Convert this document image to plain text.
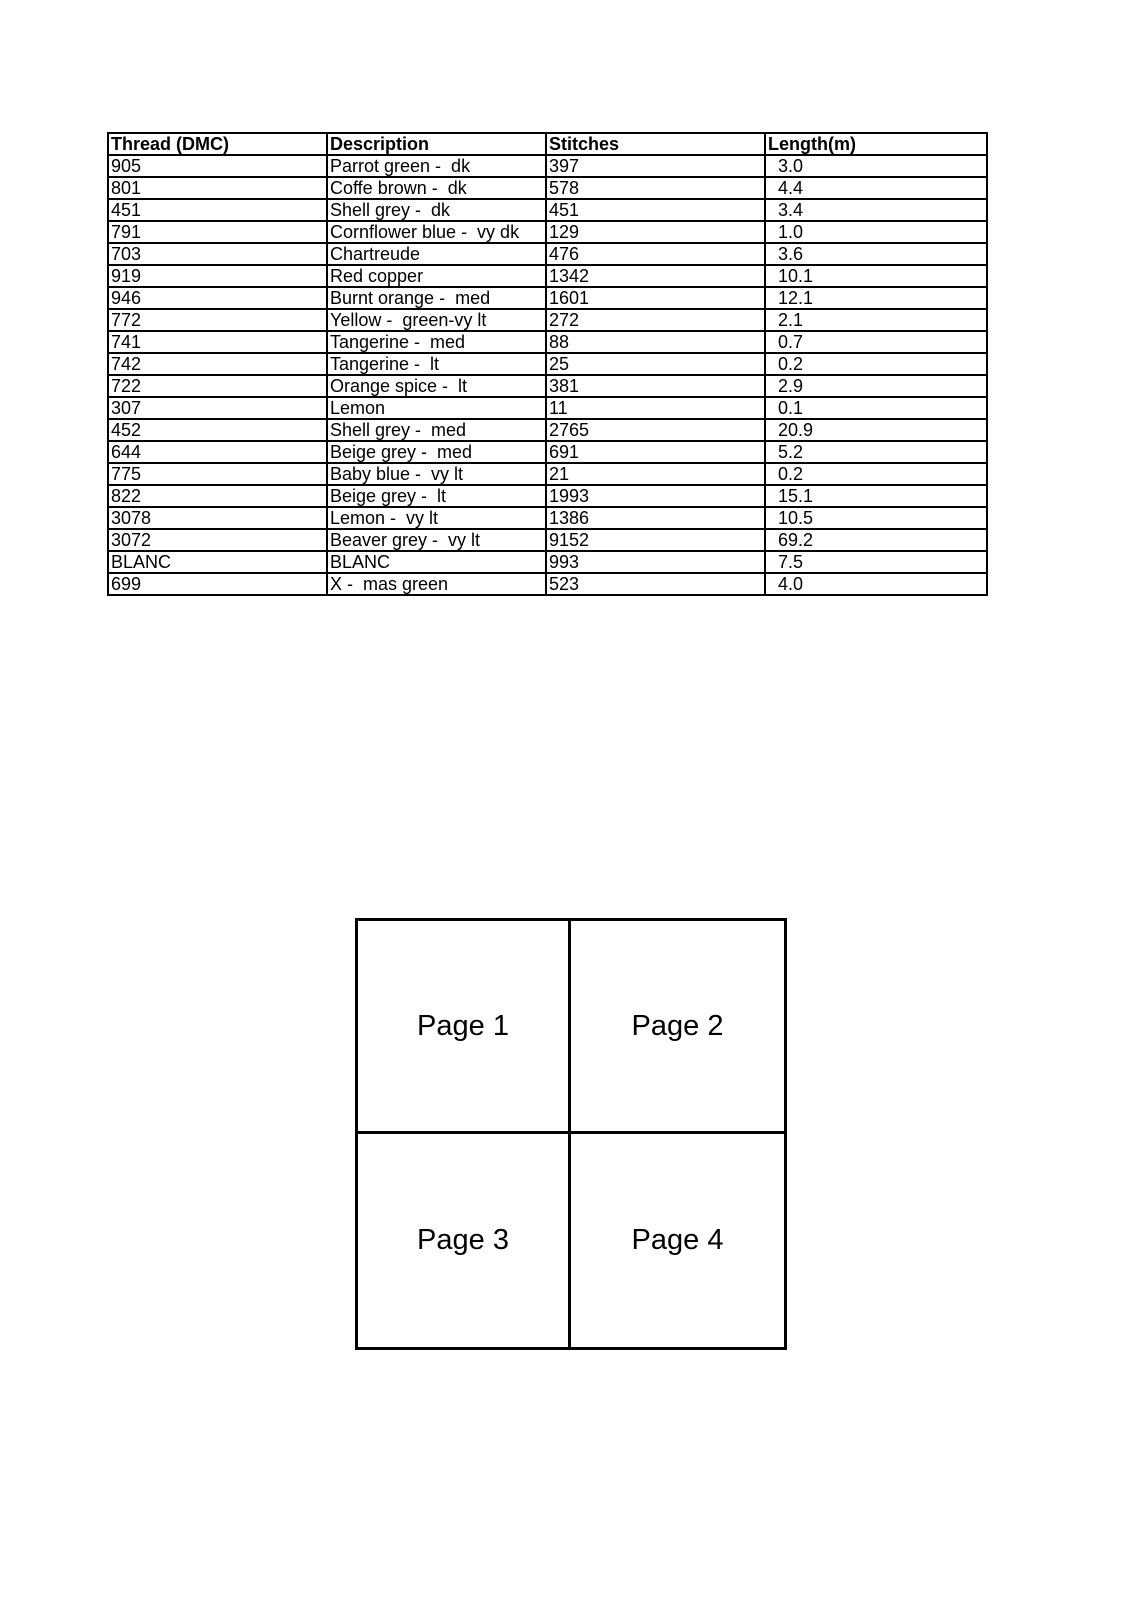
Thread (DMC)	Description	Stitches	Length(m)
905	Parrot green -  dk	397	3.0
801	Coffe brown -  dk	578	4.4
451	Shell grey -  dk	451	3.4
791	Cornflower blue -  vy dk	129	1.0
703	Chartreude	476	3.6
919	Red copper	1342	10.1
946	Burnt orange -  med	1601	12.1
772	Yellow -  green-vy lt	272	2.1
741	Tangerine -  med	88	0.7
742	Tangerine -  lt	25	0.2
722	Orange spice -  lt	381	2.9
307	Lemon	11	0.1
452	Shell grey -  med	2765	20.9
644	Beige grey -  med	691	5.2
775	Baby blue -  vy lt	21	0.2
822	Beige grey -  lt	1993	15.1
3078	Lemon -  vy lt	1386	10.5
3072	Beaver grey -  vy lt	9152	69.2
BLANC	BLANC	993	7.5
699	X -  mas green	523	4.0
Page 1	Page 2
Page 3	Page 4
